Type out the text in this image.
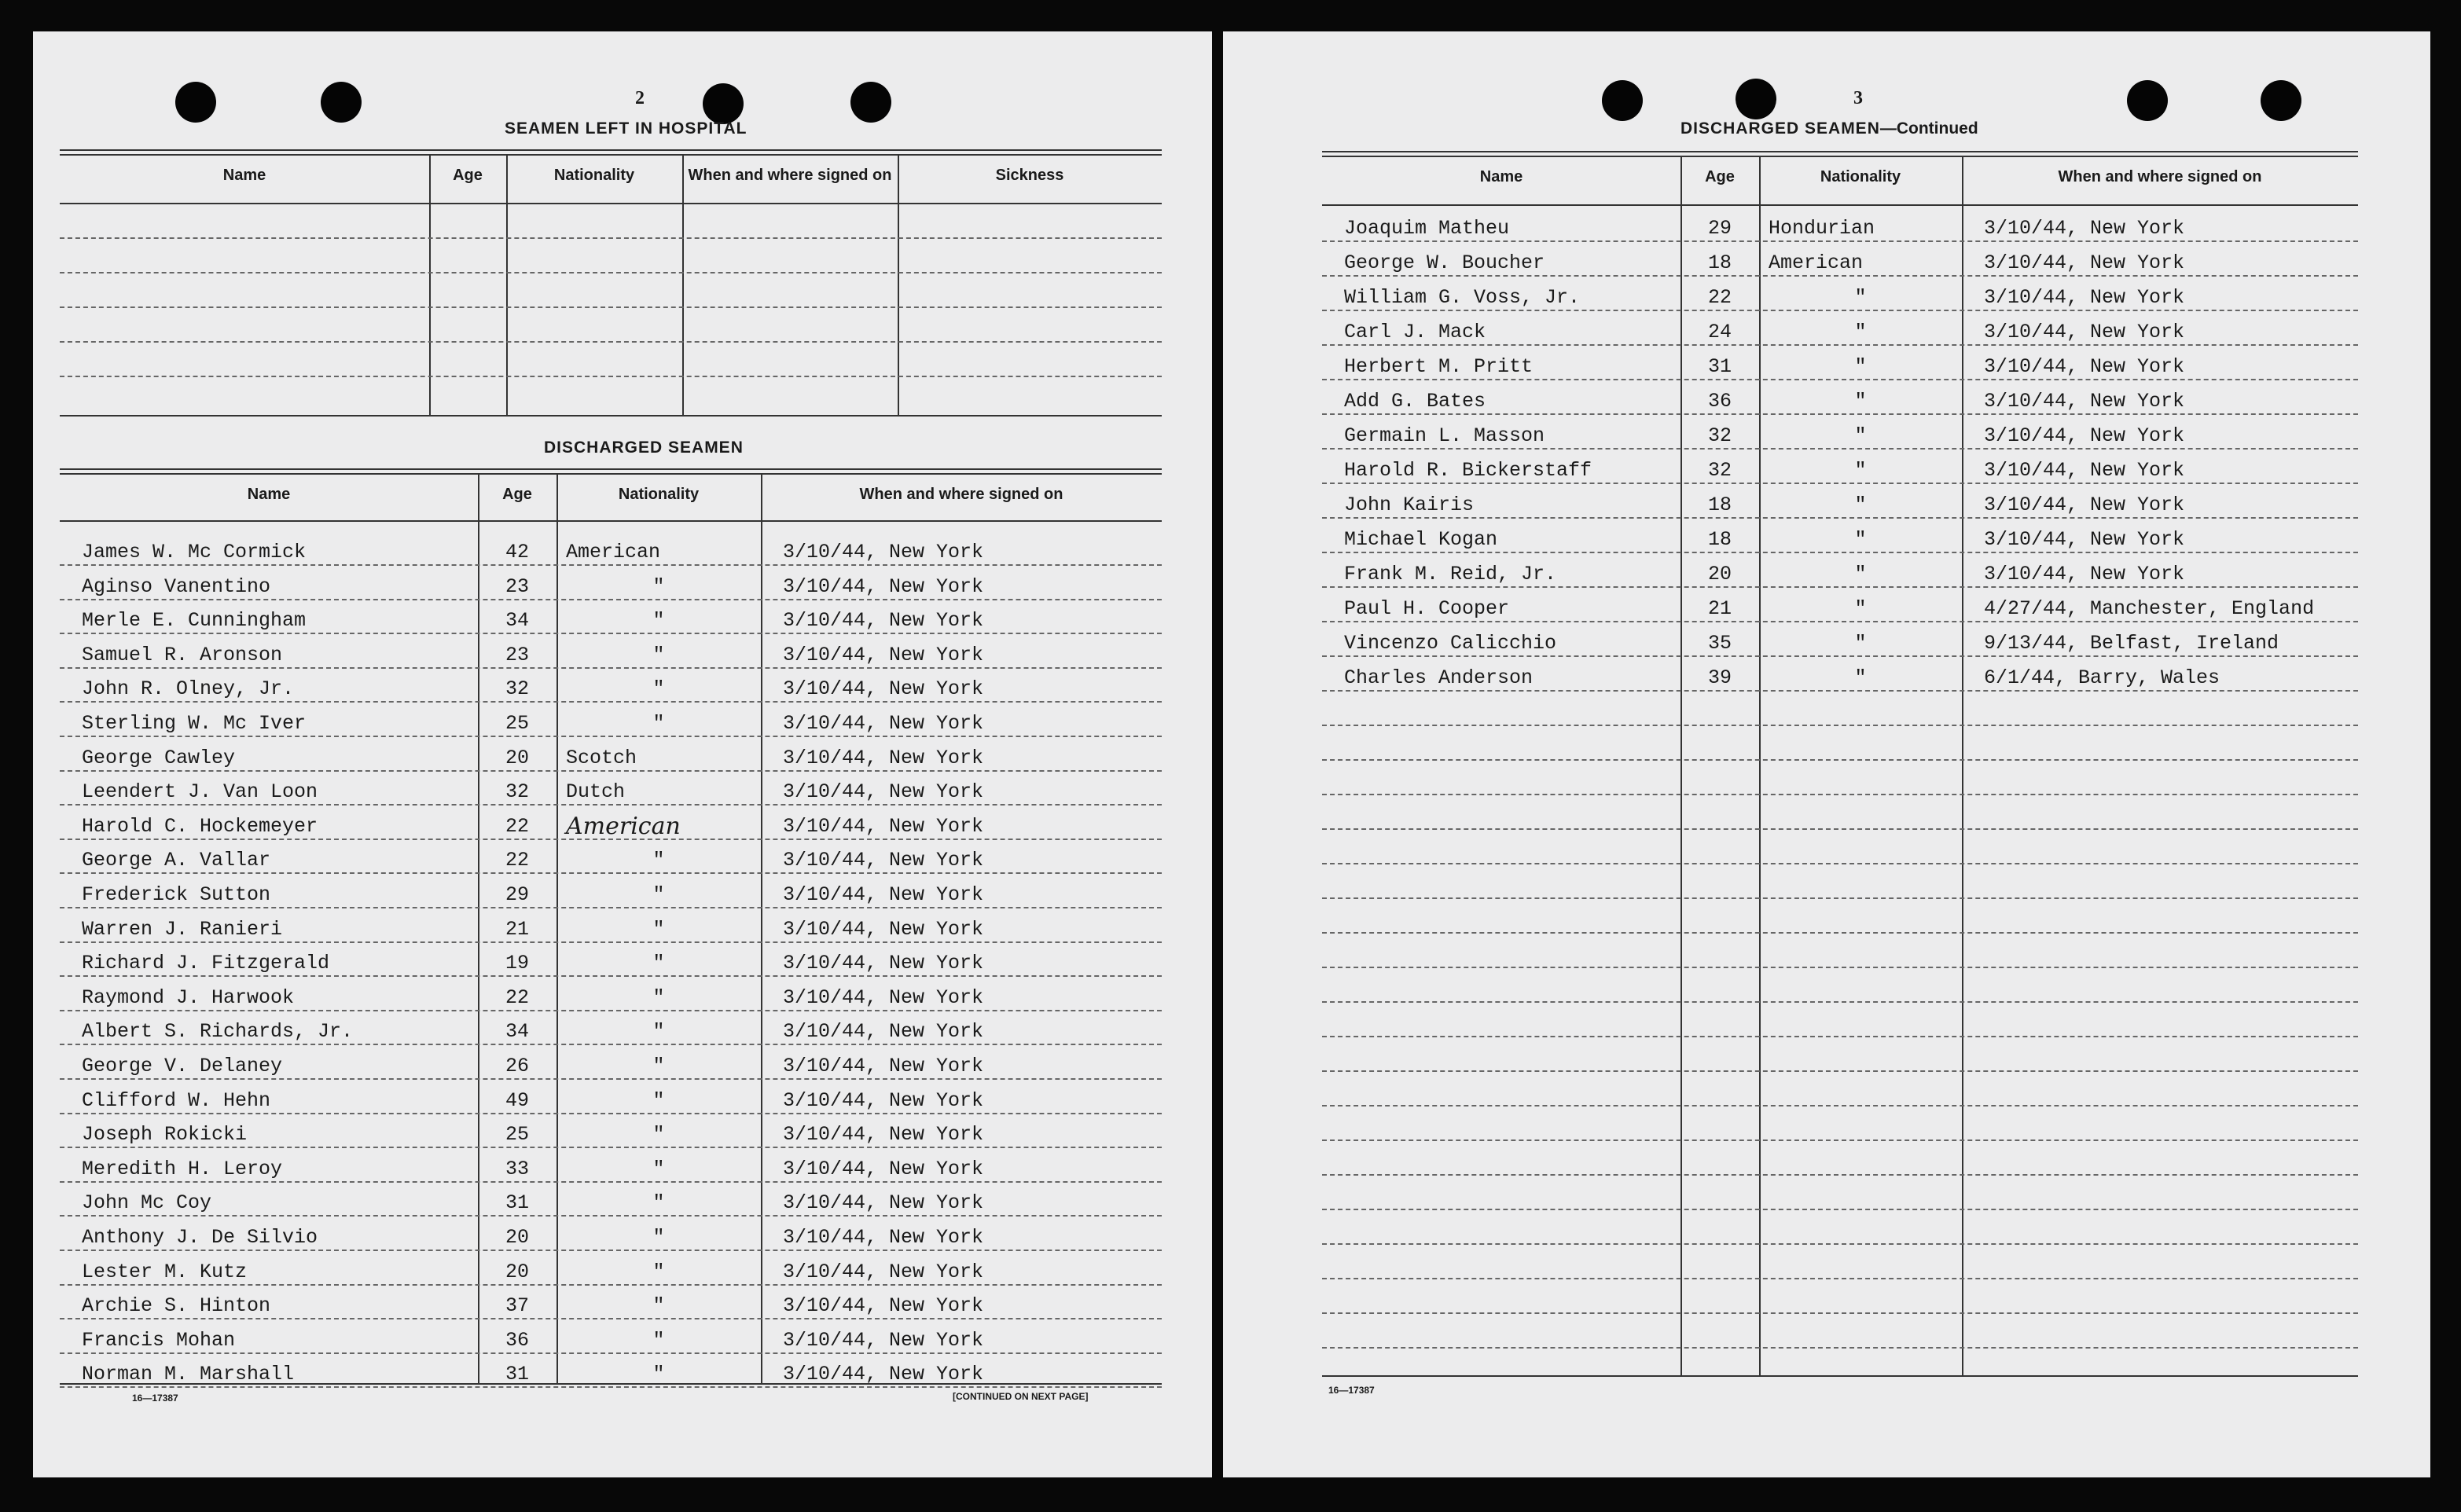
2
SEAMEN LEFT IN HOSPITAL
Name	Age	Nationality	When and where signed on	Sickness
DISCHARGED SEAMEN
Name	Age	Nationality	When and where signed on
James W. Mc Cormick	42	American	3/10/44, New York
Aginso Vanentino	23	"	3/10/44, New York
Merle E. Cunningham	34	"	3/10/44, New York
Samuel R. Aronson	23	"	3/10/44, New York
John R. Olney, Jr.	32	"	3/10/44, New York
Sterling W. Mc Iver	25	"	3/10/44, New York
George Cawley	20	Scotch	3/10/44, New York
Leendert J. Van Loon	32	Dutch	3/10/44, New York
Harold C. Hockemeyer	22	American	3/10/44, New York
George A. Vallar	22	"	3/10/44, New York
Frederick Sutton	29	"	3/10/44, New York
Warren J. Ranieri	21	"	3/10/44, New York
Richard J. Fitzgerald	19	"	3/10/44, New York
Raymond J. Harwook	22	"	3/10/44, New York
Albert S. Richards, Jr.	34	"	3/10/44, New York
George V. Delaney	26	"	3/10/44, New York
Clifford W. Hehn	49	"	3/10/44, New York
Joseph Rokicki	25	"	3/10/44, New York
Meredith H. Leroy	33	"	3/10/44, New York
John Mc Coy	31	"	3/10/44, New York
Anthony J. De Silvio	20	"	3/10/44, New York
Lester M. Kutz	20	"	3/10/44, New York
Archie S. Hinton	37	"	3/10/44, New York
Francis Mohan	36	"	3/10/44, New York
Norman M. Marshall	31	"	3/10/44, New York
16—17387	[CONTINUED ON NEXT PAGE]
3
DISCHARGED SEAMEN—Continued
Name	Age	Nationality	When and where signed on
Joaquim Matheu	29	Hondurian	3/10/44, New York
George W. Boucher	18	American	3/10/44, New York
William G. Voss, Jr.	22	"	3/10/44, New York
Carl J. Mack	24	"	3/10/44, New York
Herbert M. Pritt	31	"	3/10/44, New York
Add G. Bates	36	"	3/10/44, New York
Germain L. Masson	32	"	3/10/44, New York
Harold R. Bickerstaff	32	"	3/10/44, New York
John Kairis	18	"	3/10/44, New York
Michael Kogan	18	"	3/10/44, New York
Frank M. Reid, Jr.	20	"	3/10/44, New York
Paul H. Cooper	21	"	4/27/44, Manchester, England
Vincenzo Calicchio	35	"	9/13/44, Belfast, Ireland
Charles Anderson	39	"	6/1/44, Barry, Wales
16—17387
